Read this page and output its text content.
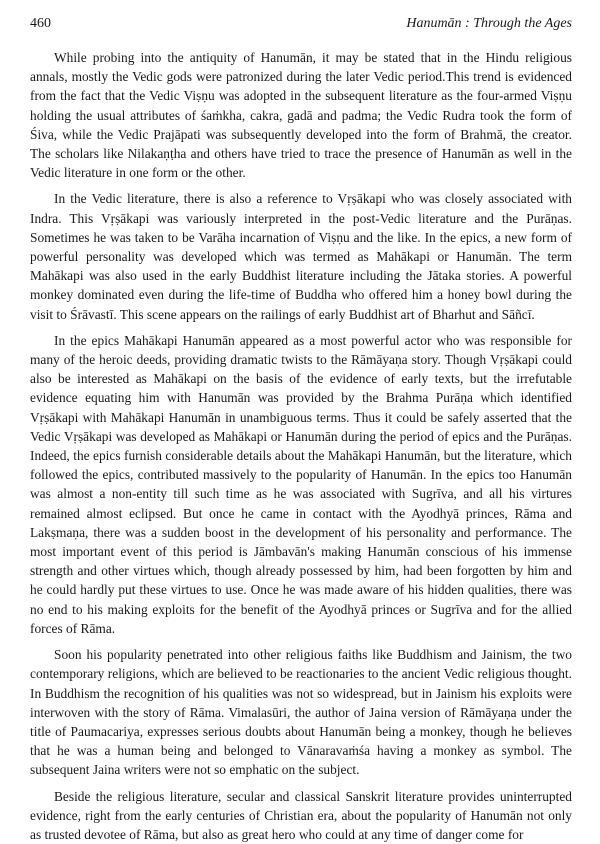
460	Hanumān : Through the Ages

While probing into the antiquity of Hanumān, it may be stated that in the Hindu religious annals, mostly the Vedic gods were patronized during the later Vedic period.This trend is evidenced from the fact that the Vedic Viṣṇu was adopted in the subsequent literature as the four-armed Viṣṇu holding the usual attributes of śaṁkha, cakra, gadā and padma; the Vedic Rudra took the form of Śiva, while the Vedic Prajāpati was subsequently developed into the form of Brahmā, the creator. The scholars like Nilakaṇṭha and others have tried to trace the presence of Hanumān as well in the Vedic literature in one form or the other.

In the Vedic literature, there is also a reference to Vṛṣākapi who was closely associated with Indra. This Vṛṣākapi was variously interpreted in the post-Vedic literature and the Purāṇas. Sometimes he was taken to be Varāha incarnation of Viṣṇu and the like. In the epics, a new form of powerful personality was developed which was termed as Mahākapi or Hanumān. The term Mahākapi was also used in the early Buddhist literature including the Jātaka stories. A powerful monkey dominated even during the life-time of Buddha who offered him a honey bowl during the visit to Śrāvastī. This scene appears on the railings of early Buddhist art of Bharhut and Sāñcī.

In the epics Mahākapi Hanumān appeared as a most powerful actor who was responsible for many of the heroic deeds, providing dramatic twists to the Rāmāyaṇa story. Though Vṛṣākapi could also be interested as Mahākapi on the basis of the evidence of early texts, but the irrefutable evidence equating him with Hanumān was provided by the Brahma Purāṇa which identified Vṛṣākapi with Mahākapi Hanumān in unambiguous terms. Thus it could be safely asserted that the Vedic Vṛṣākapi was developed as Mahākapi or Hanumān during the period of epics and the Purāṇas. Indeed, the epics furnish considerable details about the Mahākapi Hanumān, but the literature, which followed the epics, contributed massively to the popularity of Hanumān. In the epics too Hanumān was almost a non-entity till such time as he was associated with Sugrīva, and all his virtures remained almost eclipsed. But once he came in contact with the Ayodhyā princes, Rāma and Lakṣmaṇa, there was a sudden boost in the development of his personality and performance. The most important event of this period is Jāmbavān's making Hanumān conscious of his immense strength and other virtues which, though already possessed by him, had been forgotten by him and he could hardly put these virtues to use. Once he was made aware of his hidden qualities, there was no end to his making exploits for the benefit of the Ayodhyā princes or Sugrīva and for the allied forces of Rāma.

Soon his popularity penetrated into other religious faiths like Buddhism and Jainism, the two contemporary religions, which are believed to be reactionaries to the ancient Vedic religious thought. In Buddhism the recognition of his qualities was not so widespread, but in Jainism his exploits were interwoven with the story of Rāma. Vimalasūri, the author of Jaina version of Rāmāyaṇa under the title of Paumacariya, expresses serious doubts about Hanumān being a monkey, though he believes that he was a human being and belonged to Vānaravaṁśa having a monkey as symbol. The subsequent Jaina writers were not so emphatic on the subject.

Beside the religious literature, secular and classical Sanskrit literature provides uninterrupted evidence, right from the early centuries of Christian era, about the popularity of Hanumān not only as trusted devotee of Rāma, but also as great hero who could at any time of danger come for
